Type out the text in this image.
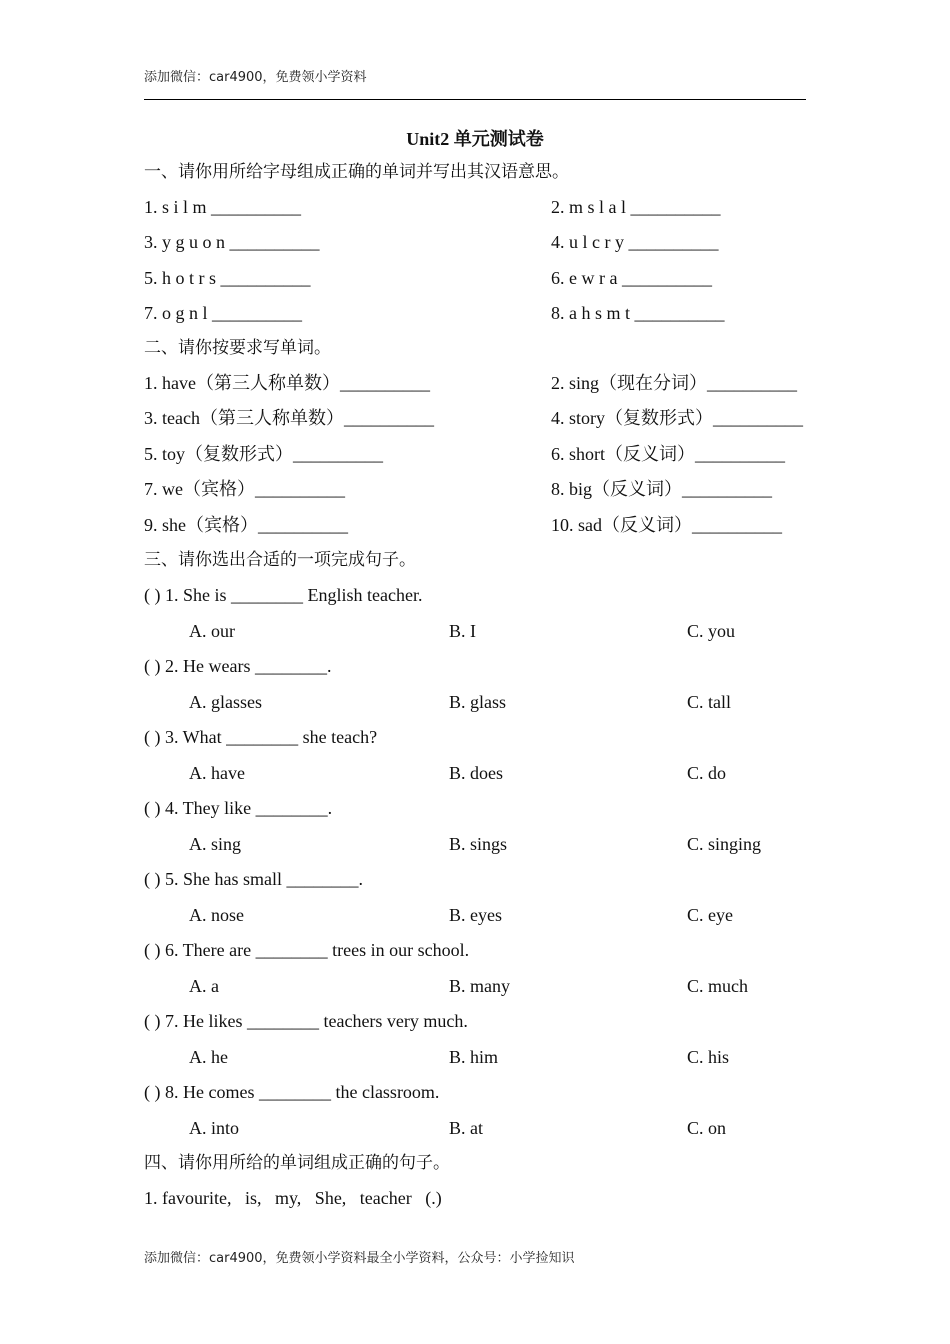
添加微信：car4900，免费领小学资料
Unit2 单元测试卷
一、请你用所给字母组成正确的单词并写出其汉语意思。
1. s i l m __________	2. m s l a l __________
3. y g u o n __________	4. u l c r y __________
5. h o t r s __________	6. e w r a __________
7. o g n l __________	8. a h s m t __________
二、请你按要求写单词。
1. have（第三人称单数）__________	2. sing（现在分词）__________
3. teach（第三人称单数）__________	4. story（复数形式）__________
5. toy（复数形式）__________	6. short（反义词）__________
7. we（宾格）__________	8. big（反义词）__________
9. she（宾格）__________	10. sad（反义词）__________
三、请你选出合适的一项完成句子。
( ) 1. She is ________ English teacher.
A. our	B. I	C. you
( ) 2. He wears ________.
A. glasses	B. glass	C. tall
( ) 3. What ________ she teach?
A. have	B. does	C. do
( ) 4. They like ________.
A. sing	B. sings	C. singing
( ) 5. She has small ________.
A. nose	B. eyes	C. eye
( ) 6. There are ________ trees in our school.
A. a	B. many	C. much
( ) 7. He likes ________ teachers very much.
A. he	B. him	C. his
( ) 8. He comes ________ the classroom.
A. into	B. at	C. on
四、请你用所给的单词组成正确的句子。
1. favourite,   is,   my,   She,   teacher   (.)
添加微信：car4900，免费领小学资料最全小学资料，公众号：小学捡知识
